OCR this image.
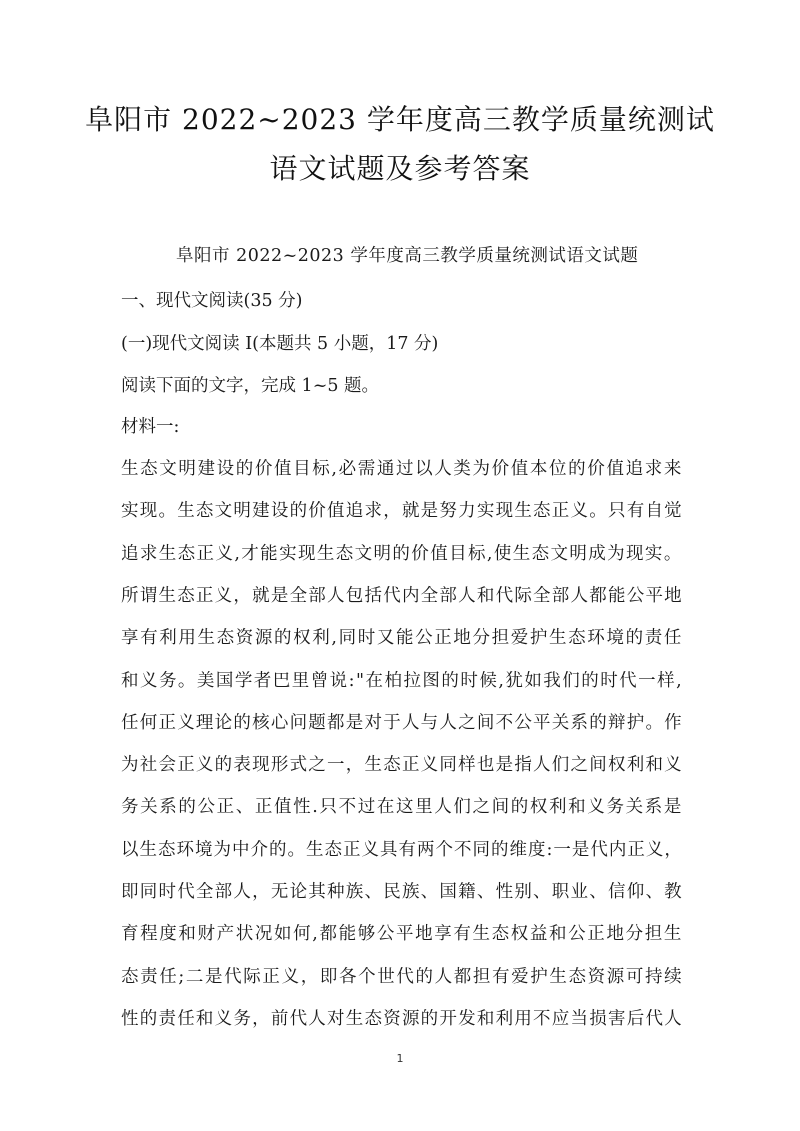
阜阳市 2022~2023 学年度高三教学质量统测试
语文试题及参考答案
阜阳市 2022~2023 学年度高三教学质量统测试语文试题
一、现代文阅读(35 分)
(一)现代文阅读 I(本题共 5 小题，17 分)
阅读下面的文字，完成 1~5 题。
材料一:
生态文明建设的价值目标,必需通过以人类为价值本位的价值追求来
实现。生态文明建设的价值追求，就是努力实现生态正义。只有自觉
追求生态正义,才能实现生态文明的价值目标,使生态文明成为现实。
所谓生态正义，就是全部人包括代内全部人和代际全部人都能公平地
享有利用生态资源的权利,同时又能公正地分担爱护生态环境的责任
和义务。美国学者巴里曾说:"在柏拉图的时候,犹如我们的时代一样,
任何正义理论的核心问题都是对于人与人之间不公平关系的辩护。作
为社会正义的表现形式之一，生态正义同样也是指人们之间权利和义
务关系的公正、正值性.只不过在这里人们之间的权利和义务关系是
以生态环境为中介的。生态正义具有两个不同的维度:一是代内正义，
即同时代全部人，无论其种族、民族、国籍、性别、职业、信仰、教
育程度和财产状况如何,都能够公平地享有生态权益和公正地分担生
态责任;二是代际正义，即各个世代的人都担有爱护生态资源可持续
性的责任和义务，前代人对生态资源的开发和利用不应当损害后代人
1
